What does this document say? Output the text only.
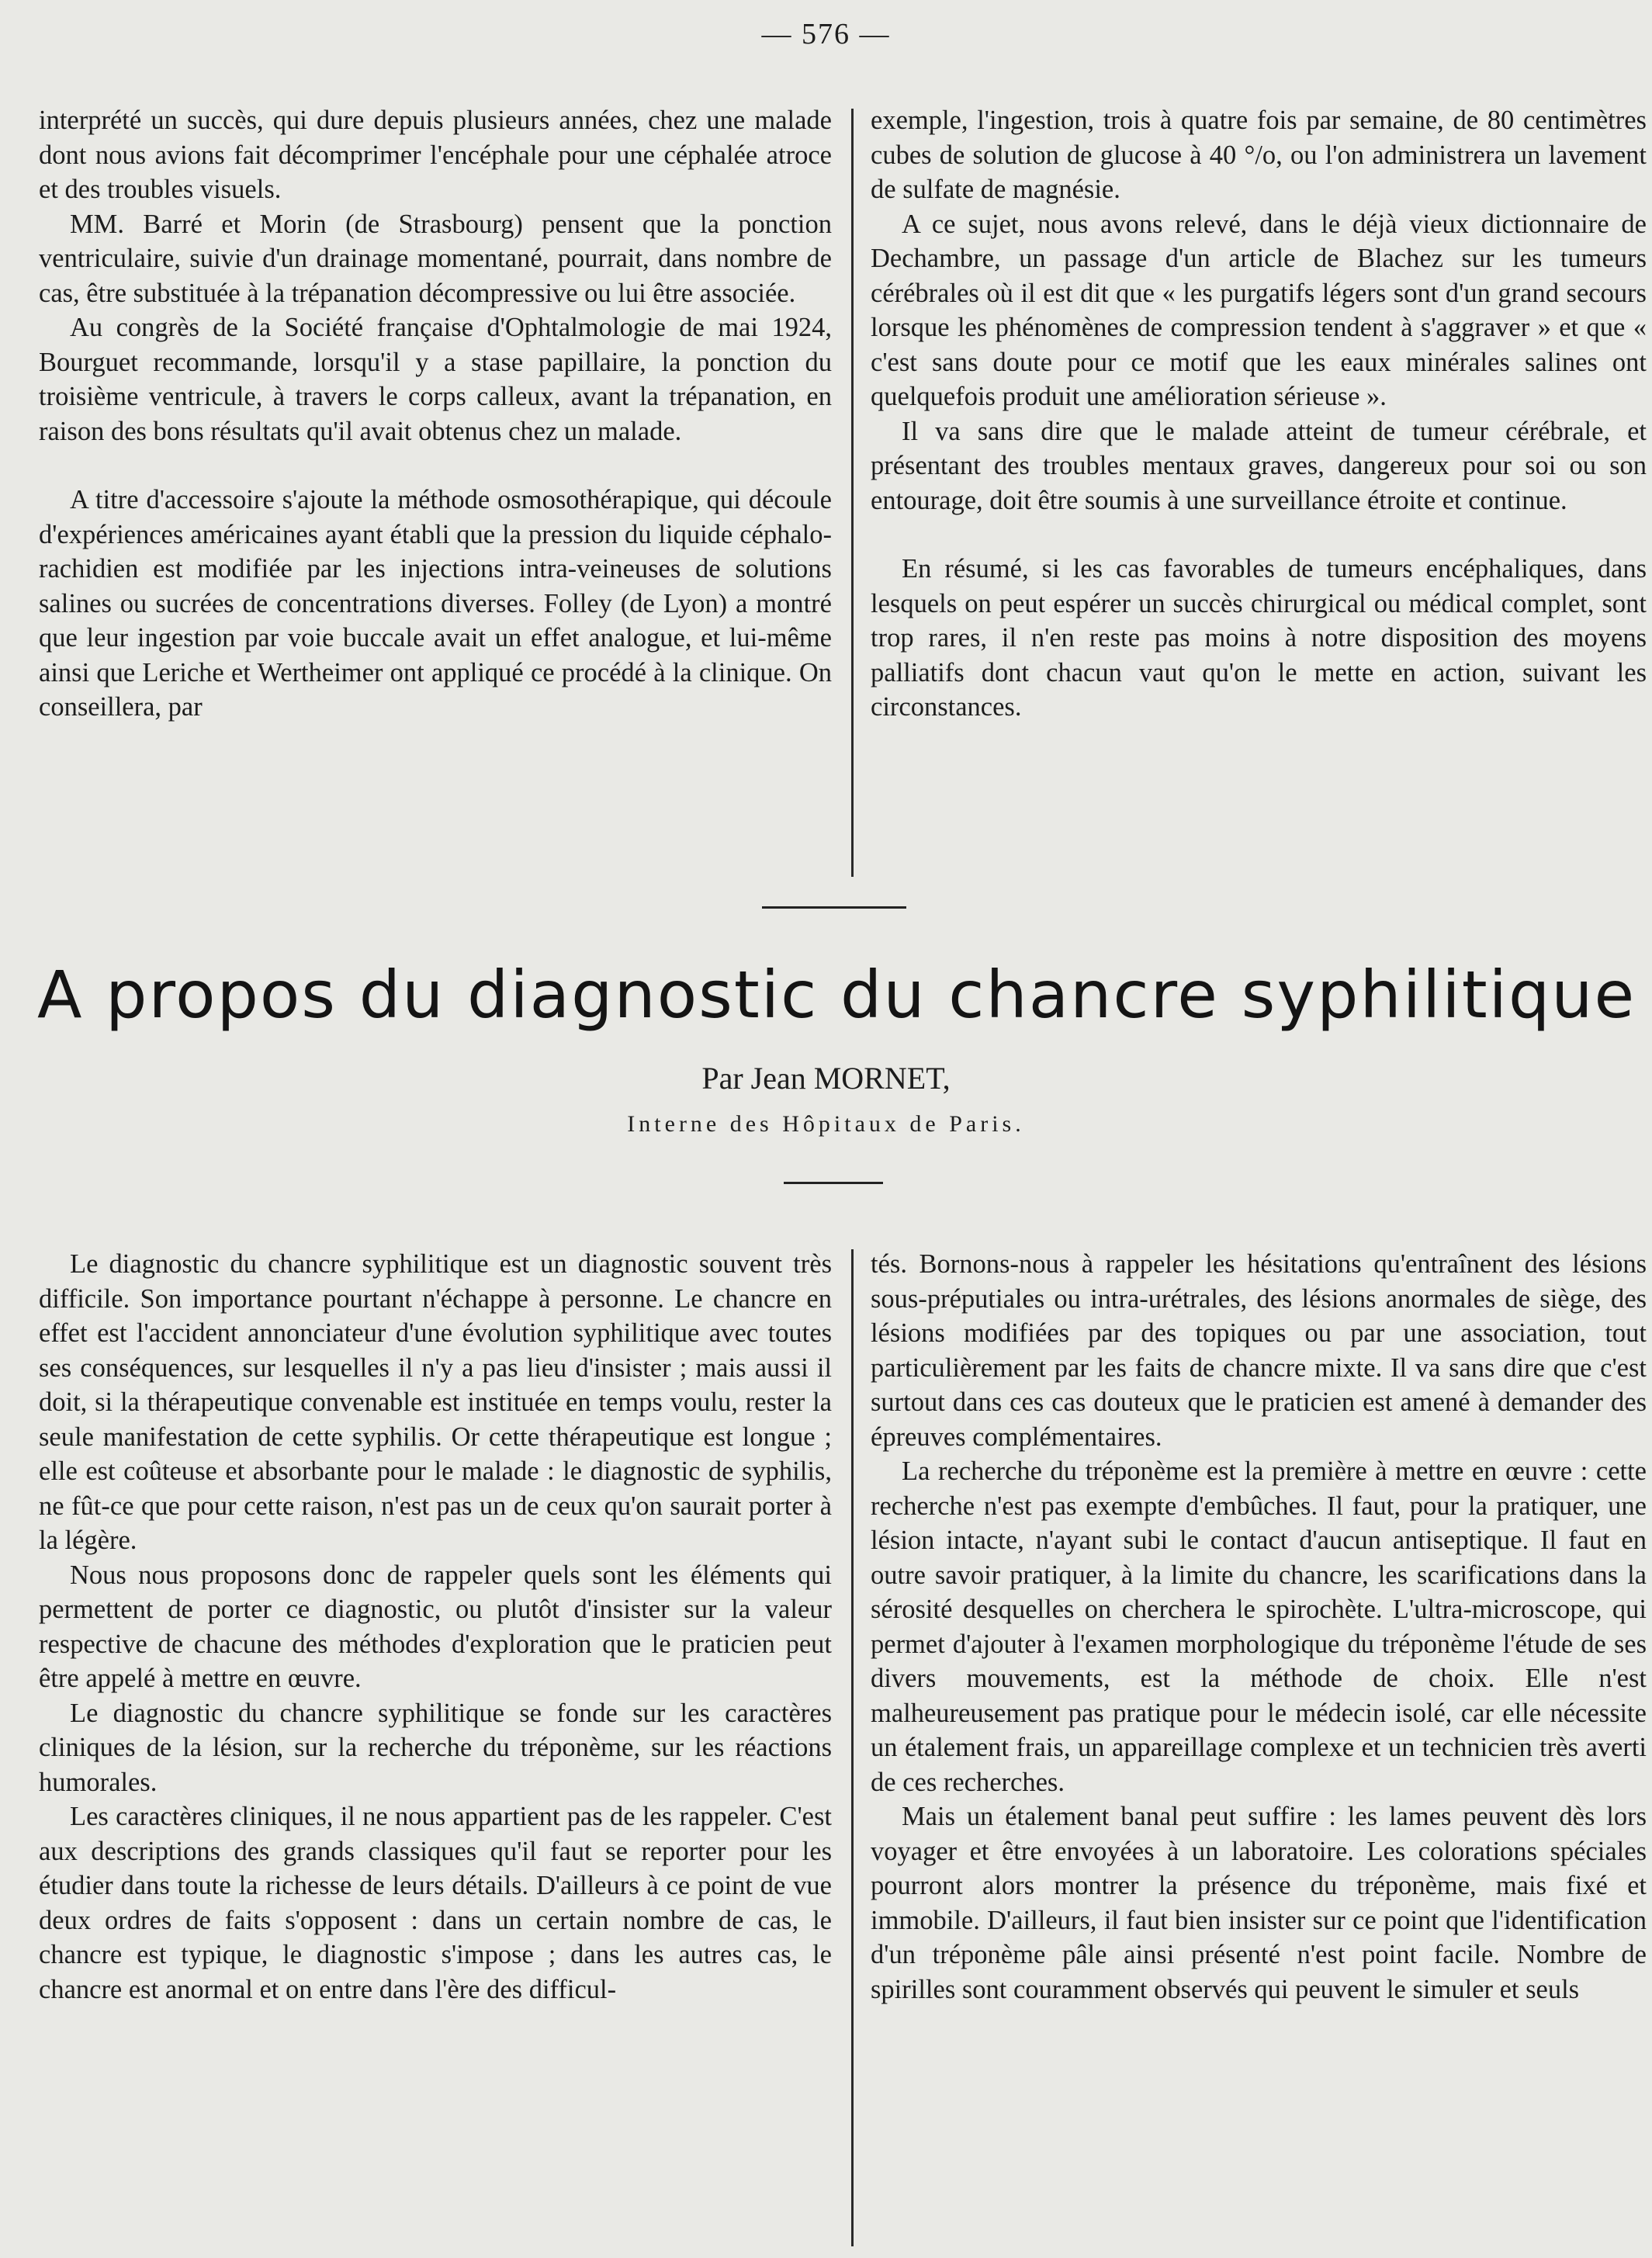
— 576 —

interprété un succès, qui dure depuis plusieurs années, chez une malade dont nous avions fait décomprimer l'encéphale pour une céphalée atroce et des troubles visuels.

MM. Barré et Morin (de Strasbourg) pensent que la ponction ventriculaire, suivie d'un drainage momentané, pourrait, dans nombre de cas, être substituée à la trépanation décompressive ou lui être associée.

Au congrès de la Société française d'Ophtalmologie de mai 1924, Bourguet recommande, lorsqu'il y a stase papillaire, la ponction du troisième ventricule, à travers le corps calleux, avant la trépanation, en raison des bons résultats qu'il avait obtenus chez un malade.

A titre d'accessoire s'ajoute la méthode osmosothérapique, qui découle d'expériences américaines ayant établi que la pression du liquide céphalo-rachidien est modifiée par les injections intra-veineuses de solutions salines ou sucrées de concentrations diverses. Folley (de Lyon) a montré que leur ingestion par voie buccale avait un effet analogue, et lui-même ainsi que Leriche et Wertheimer ont appliqué ce procédé à la clinique. On conseillera, par

exemple, l'ingestion, trois à quatre fois par semaine, de 80 centimètres cubes de solution de glucose à 40 °/o, ou l'on administrera un lavement de sulfate de magnésie.

A ce sujet, nous avons relevé, dans le déjà vieux dictionnaire de Dechambre, un passage d'un article de Blachez sur les tumeurs cérébrales où il est dit que « les purgatifs légers sont d'un grand secours lorsque les phénomènes de compression tendent à s'aggraver » et que « c'est sans doute pour ce motif que les eaux minérales salines ont quelquefois produit une amélioration sérieuse ».

Il va sans dire que le malade atteint de tumeur cérébrale, et présentant des troubles mentaux graves, dangereux pour soi ou son entourage, doit être soumis à une surveillance étroite et continue.

En résumé, si les cas favorables de tumeurs encéphaliques, dans lesquels on peut espérer un succès chirurgical ou médical complet, sont trop rares, il n'en reste pas moins à notre disposition des moyens palliatifs dont chacun vaut qu'on le mette en action, suivant les circonstances.

A propos du diagnostic du chancre syphilitique
Par Jean MORNET,
Interne des Hôpitaux de Paris.

Le diagnostic du chancre syphilitique est un diagnostic souvent très difficile. Son importance pourtant n'échappe à personne. Le chancre en effet est l'accident annonciateur d'une évolution syphilitique avec toutes ses conséquences, sur lesquelles il n'y a pas lieu d'insister ; mais aussi il doit, si la thérapeutique convenable est instituée en temps voulu, rester la seule manifestation de cette syphilis. Or cette thérapeutique est longue ; elle est coûteuse et absorbante pour le malade : le diagnostic de syphilis, ne fût-ce que pour cette raison, n'est pas un de ceux qu'on saurait porter à la légère.

Nous nous proposons donc de rappeler quels sont les éléments qui permettent de porter ce diagnostic, ou plutôt d'insister sur la valeur respective de chacune des méthodes d'exploration que le praticien peut être appelé à mettre en œuvre.

Le diagnostic du chancre syphilitique se fonde sur les caractères cliniques de la lésion, sur la recherche du tréponème, sur les réactions humorales.

Les caractères cliniques, il ne nous appartient pas de les rappeler. C'est aux descriptions des grands classiques qu'il faut se reporter pour les étudier dans toute la richesse de leurs détails. D'ailleurs à ce point de vue deux ordres de faits s'opposent : dans un certain nombre de cas, le chancre est typique, le diagnostic s'impose ; dans les autres cas, le chancre est anormal et on entre dans l'ère des difficul-

tés. Bornons-nous à rappeler les hésitations qu'entraînent des lésions sous-préputiales ou intra-urétrales, des lésions anormales de siège, des lésions modifiées par des topiques ou par une association, tout particulièrement par les faits de chancre mixte. Il va sans dire que c'est surtout dans ces cas douteux que le praticien est amené à demander des épreuves complémentaires.

La recherche du tréponème est la première à mettre en œuvre : cette recherche n'est pas exempte d'embûches. Il faut, pour la pratiquer, une lésion intacte, n'ayant subi le contact d'aucun antiseptique. Il faut en outre savoir pratiquer, à la limite du chancre, les scarifications dans la sérosité desquelles on cherchera le spirochète. L'ultra-microscope, qui permet d'ajouter à l'examen morphologique du tréponème l'étude de ses divers mouvements, est la méthode de choix. Elle n'est malheureusement pas pratique pour le médecin isolé, car elle nécessite un étalement frais, un appareillage complexe et un technicien très averti de ces recherches.

Mais un étalement banal peut suffire : les lames peuvent dès lors voyager et être envoyées à un laboratoire. Les colorations spéciales pourront alors montrer la présence du tréponème, mais fixé et immobile. D'ailleurs, il faut bien insister sur ce point que l'identification d'un tréponème pâle ainsi présenté n'est point facile. Nombre de spirilles sont couramment observés qui peuvent le simuler et seuls
